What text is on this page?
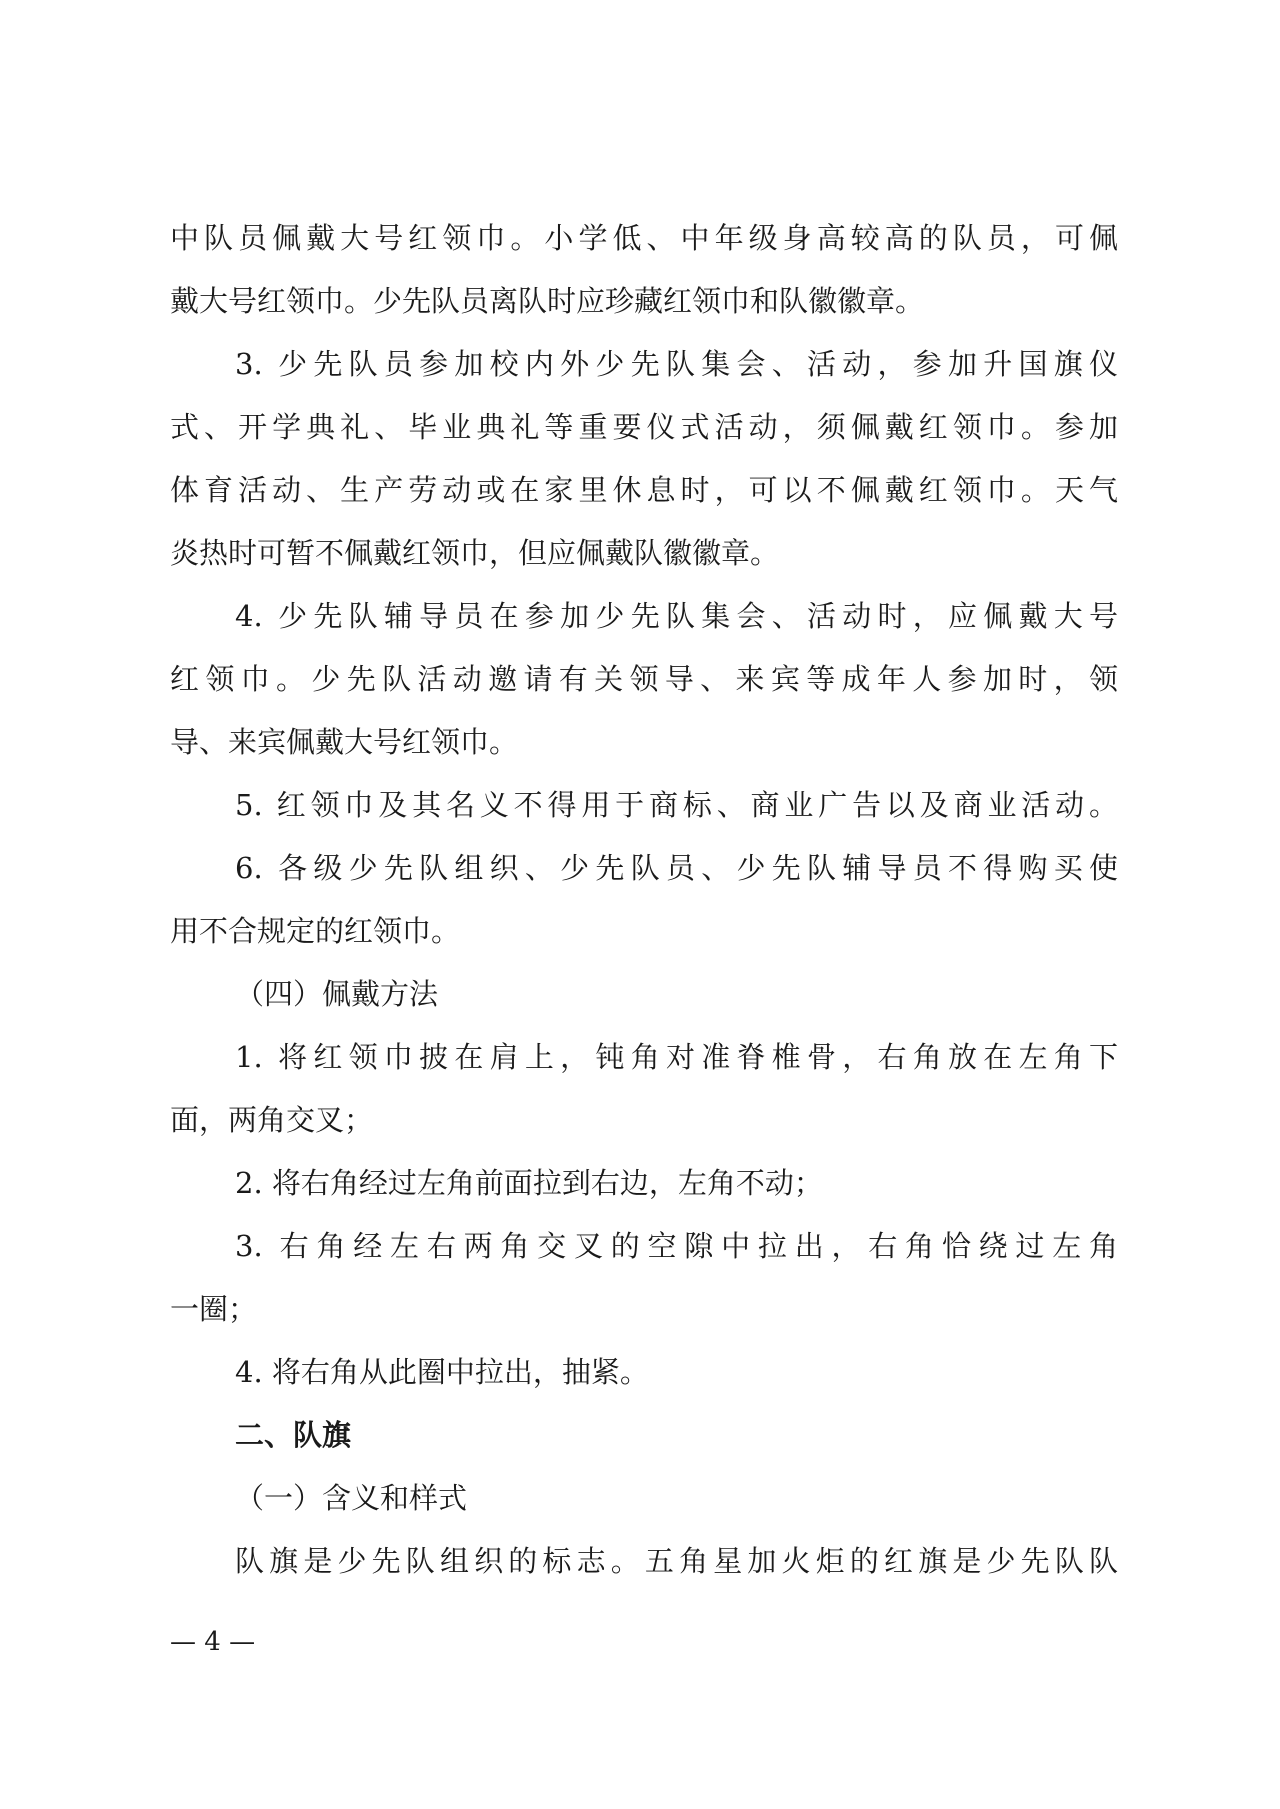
中队员佩戴大号红领巾。小学低、中年级身高较高的队员，可佩
戴大号红领巾。少先队员离队时应珍藏红领巾和队徽徽章。
3. 少先队员参加校内外少先队集会、活动，参加升国旗仪
式、开学典礼、毕业典礼等重要仪式活动，须佩戴红领巾。参加
体育活动、生产劳动或在家里休息时，可以不佩戴红领巾。天气
炎热时可暂不佩戴红领巾，但应佩戴队徽徽章。
4. 少先队辅导员在参加少先队集会、活动时，应佩戴大号
红领巾。少先队活动邀请有关领导、来宾等成年人参加时，领
导、来宾佩戴大号红领巾。
5. 红领巾及其名义不得用于商标、商业广告以及商业活动。
6. 各级少先队组织、少先队员、少先队辅导员不得购买使
用不合规定的红领巾。
（四）佩戴方法
1. 将红领巾披在肩上，钝角对准脊椎骨，右角放在左角下
面，两角交叉；
2. 将右角经过左角前面拉到右边，左角不动；
3. 右角经左右两角交叉的空隙中拉出，右角恰绕过左角
一圈；
4. 将右角从此圈中拉出，抽紧。
二、队旗
（一）含义和样式
队旗是少先队组织的标志。五角星加火炬的红旗是少先队队
— 4 —
